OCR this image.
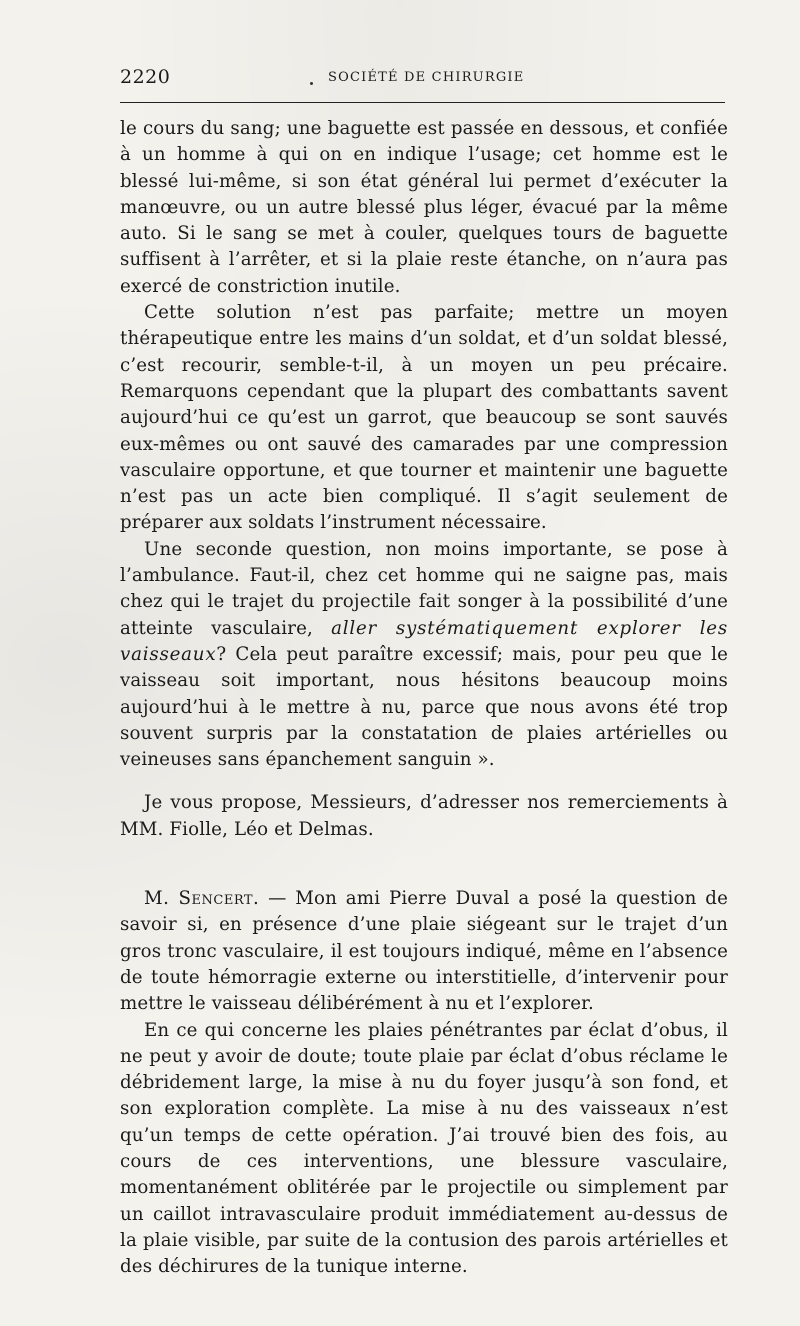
2220	SOCIÉTÉ DE CHIRURGIE

le cours du sang; une baguette est passée en dessous, et confiée à un homme à qui on en indique l’usage; cet homme est le blessé lui-même, si son état général lui permet d’exécuter la manœuvre, ou un autre blessé plus léger, évacué par la même auto. Si le sang se met à couler, quelques tours de baguette suffisent à l’arrêter, et si la plaie reste étanche, on n’aura pas exercé de constriction inutile.

Cette solution n’est pas parfaite; mettre un moyen thérapeutique entre les mains d’un soldat, et d’un soldat blessé, c’est recourir, semble-t-il, à un moyen un peu précaire. Remarquons cependant que la plupart des combattants savent aujourd’hui ce qu’est un garrot, que beaucoup se sont sauvés eux-mêmes ou ont sauvé des camarades par une compression vasculaire opportune, et que tourner et maintenir une baguette n’est pas un acte bien compliqué. Il s’agit seulement de préparer aux soldats l’instrument nécessaire.

Une seconde question, non moins importante, se pose à l’ambulance. Faut-il, chez cet homme qui ne saigne pas, mais chez qui le trajet du projectile fait songer à la possibilité d’une atteinte vasculaire, aller systématiquement explorer les vaisseaux? Cela peut paraître excessif; mais, pour peu que le vaisseau soit important, nous hésitons beaucoup moins aujourd’hui à le mettre à nu, parce que nous avons été trop souvent surpris par la constatation de plaies artérielles ou veineuses sans épanchement sanguin ».

Je vous propose, Messieurs, d’adresser nos remerciements à MM. Fiolle, Léo et Delmas.

M. Sencert. — Mon ami Pierre Duval a posé la question de savoir si, en présence d’une plaie siégeant sur le trajet d’un gros tronc vasculaire, il est toujours indiqué, même en l’absence de toute hémorragie externe ou interstitielle, d’intervenir pour mettre le vaisseau délibérément à nu et l’explorer.

En ce qui concerne les plaies pénétrantes par éclat d’obus, il ne peut y avoir de doute; toute plaie par éclat d’obus réclame le débridement large, la mise à nu du foyer jusqu’à son fond, et son exploration complète. La mise à nu des vaisseaux n’est qu’un temps de cette opération. J’ai trouvé bien des fois, au cours de ces interventions, une blessure vasculaire, momentanément oblitérée par le projectile ou simplement par un caillot intravasculaire produit immédiatement au-dessus de la plaie visible, par suite de la contusion des parois artérielles et des déchirures de la tunique interne.
